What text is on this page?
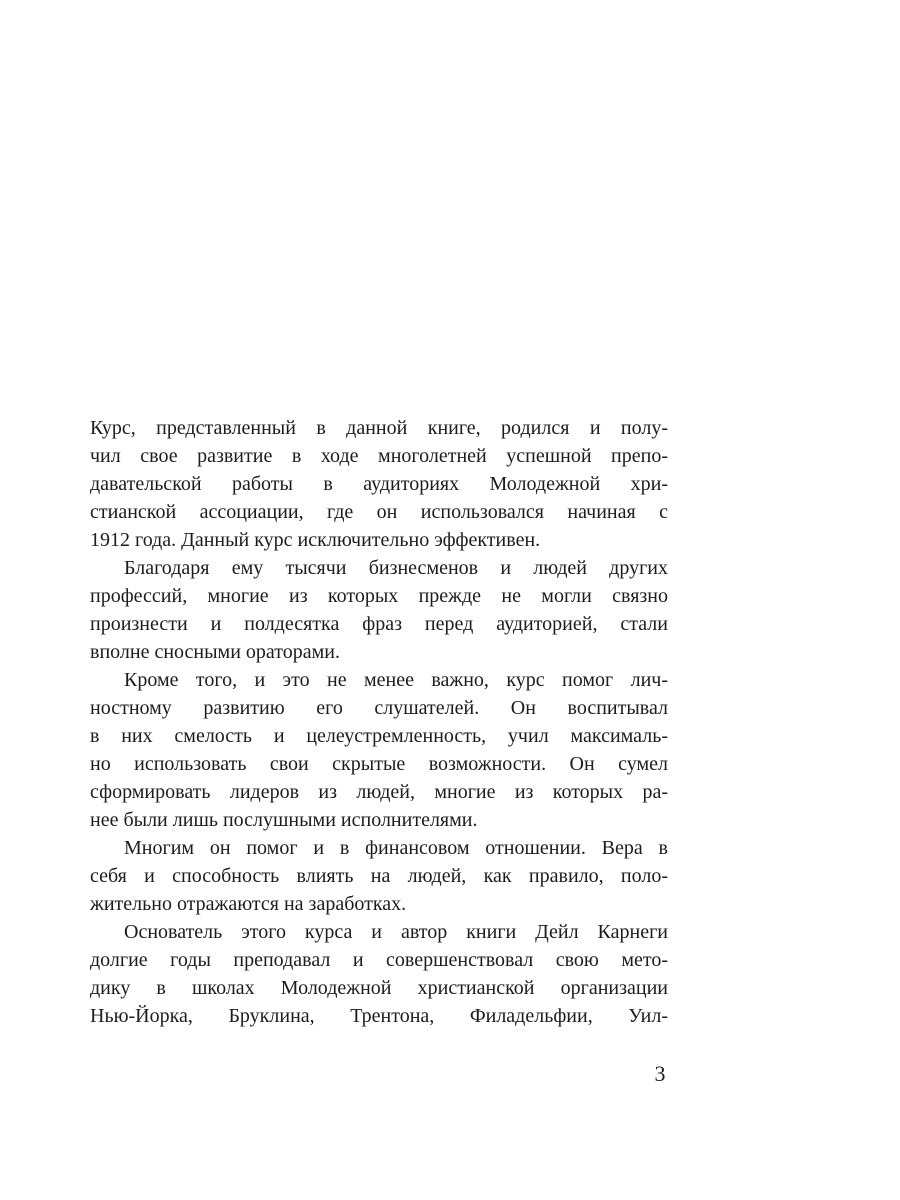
Курс, представленный в данной книге, родился и полу-
чил свое развитие в ходе многолетней успешной препо-
давательской работы в аудиториях Молодежной хри-
стианской ассоциации, где он использовался начиная с
1912 года. Данный курс исключительно эффективен.
Благодаря ему тысячи бизнесменов и людей других
профессий, многие из которых прежде не могли связно
произнести и полдесятка фраз перед аудиторией, стали
вполне сносными ораторами.
Кроме того, и это не менее важно, курс помог лич-
ностному развитию его слушателей. Он воспитывал
в них смелость и целеустремленность, учил максималь-
но использовать свои скрытые возможности. Он сумел
сформировать лидеров из людей, многие из которых ра-
нее были лишь послушными исполнителями.
Многим он помог и в финансовом отношении. Вера в
себя и способность влиять на людей, как правило, поло-
жительно отражаются на заработках.
Основатель этого курса и автор книги Дейл Карнеги
долгие годы преподавал и совершенствовал свою мето-
дику в школах Молодежной христианской организации
Нью-Йорка, Бруклина, Трентона, Филадельфии, Уил-
3
